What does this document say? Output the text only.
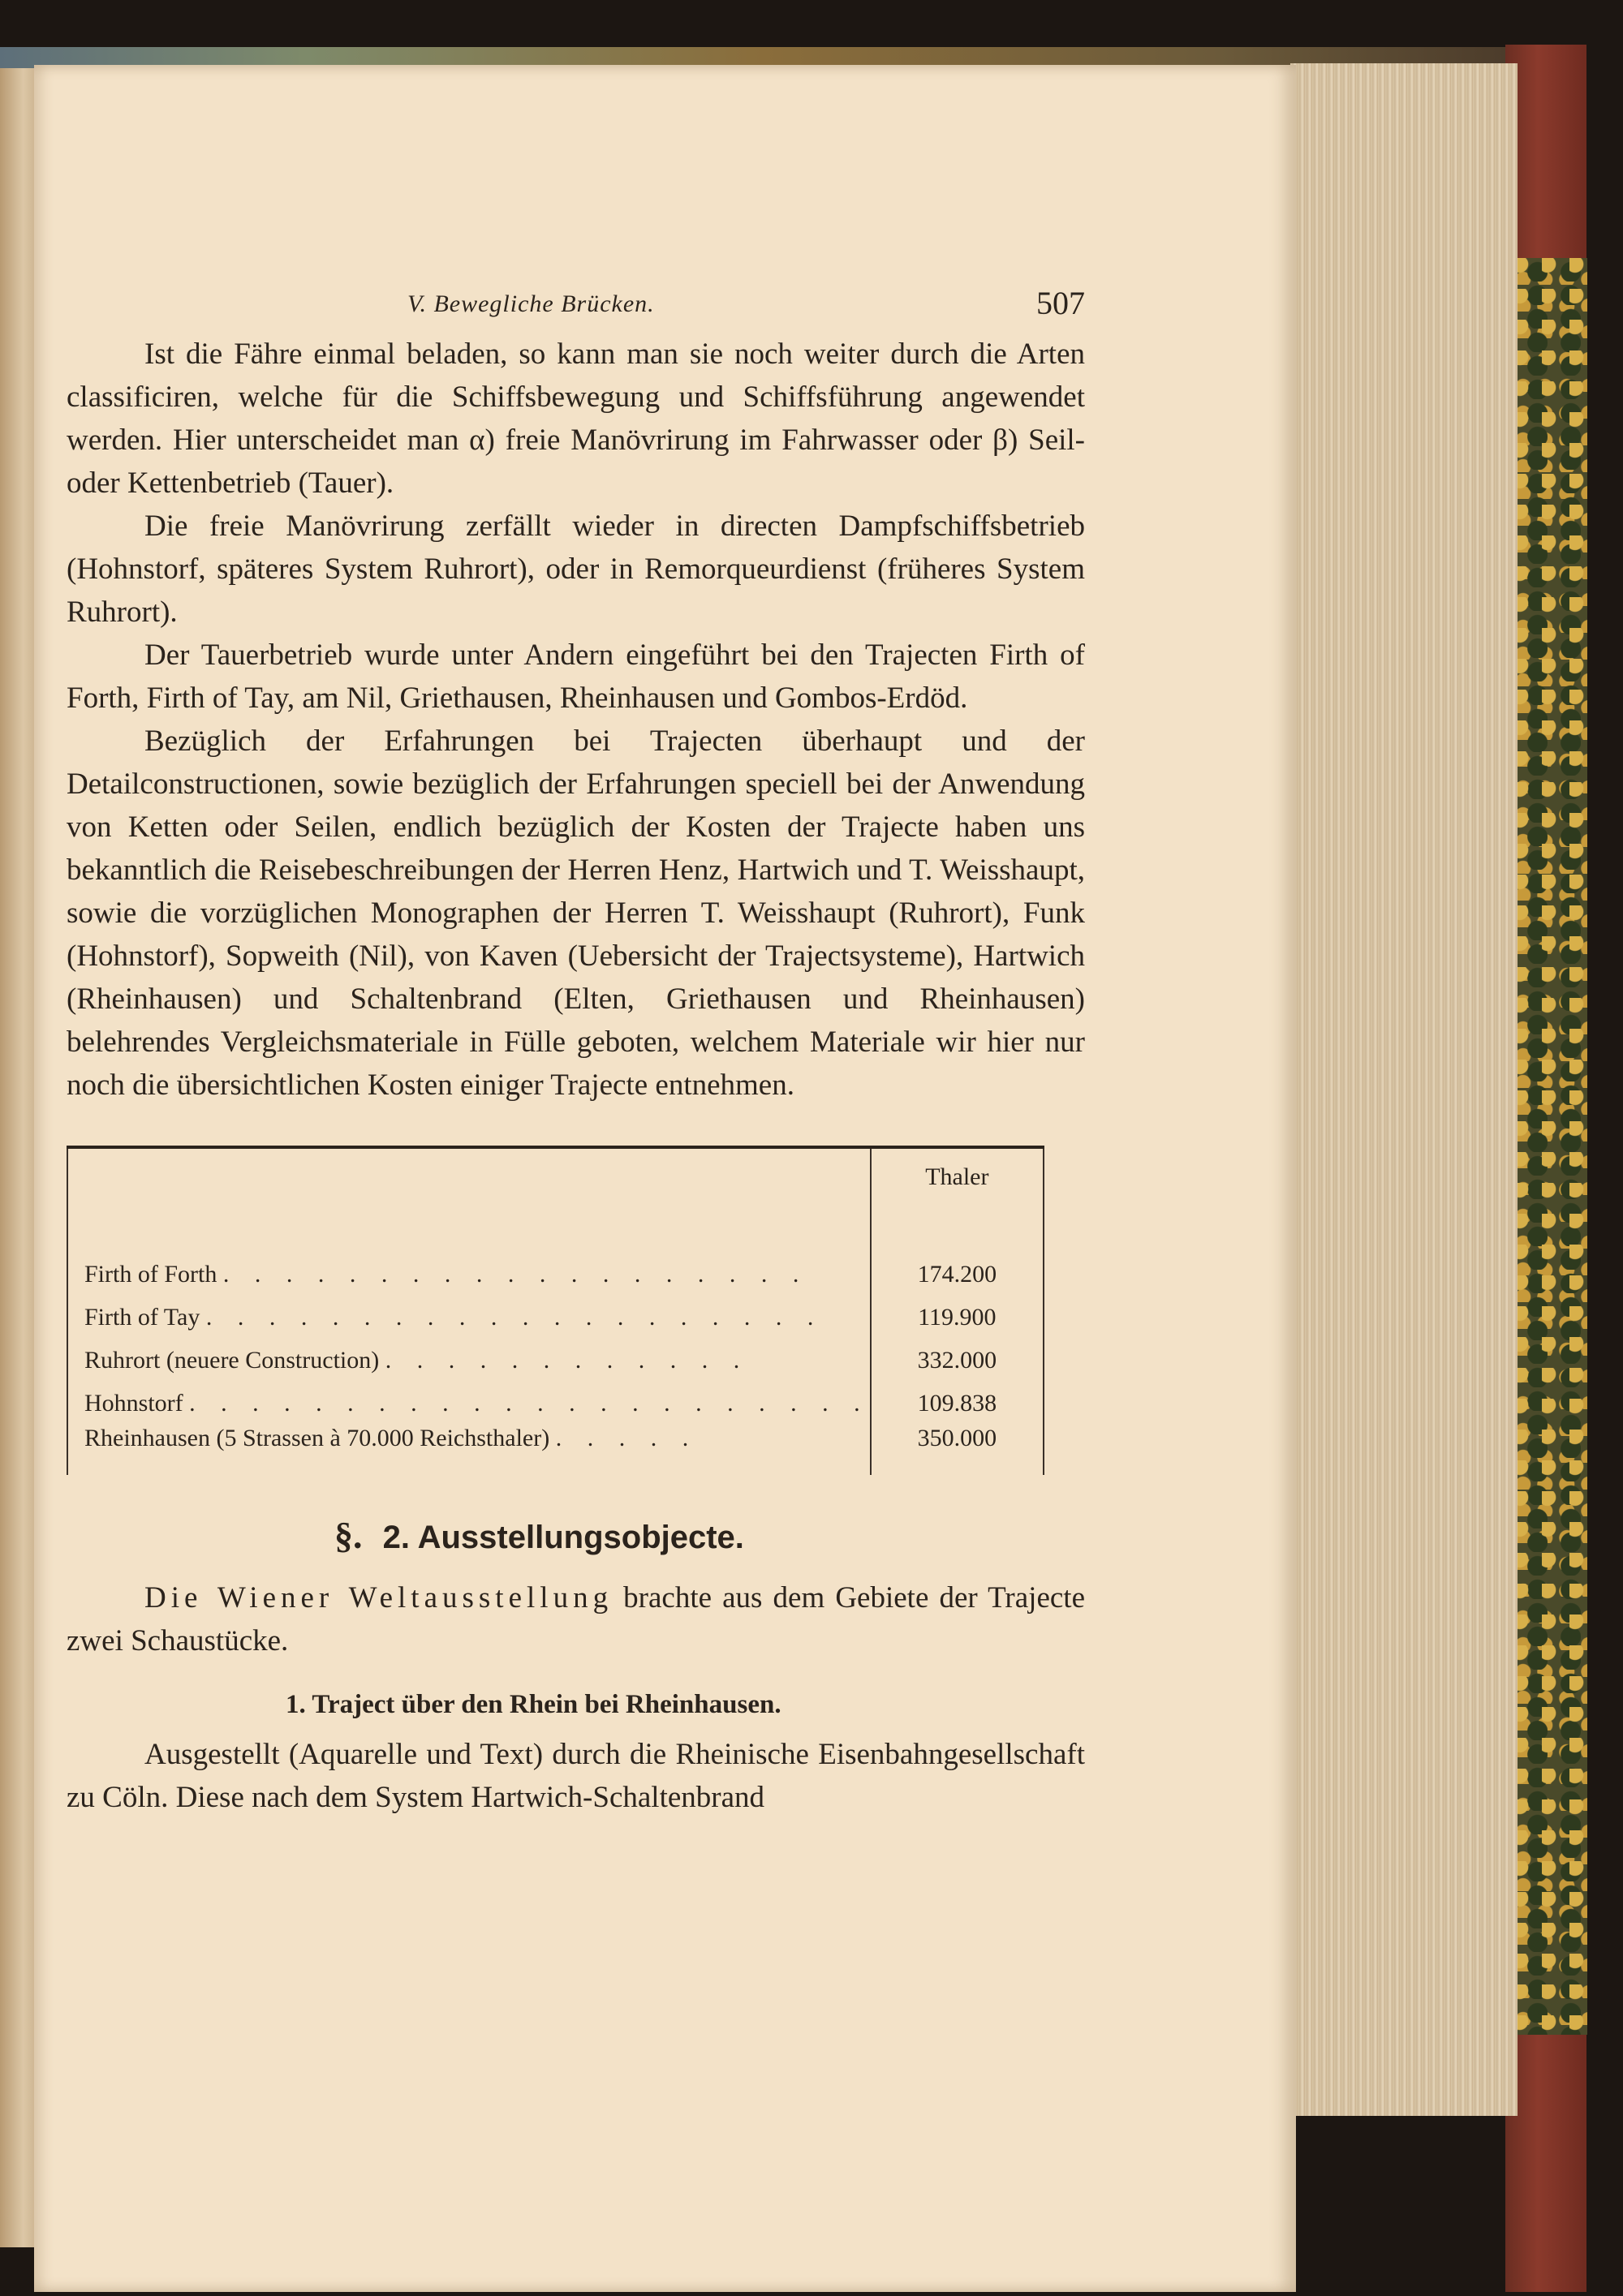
V. Bewegliche Brücken.	507

Ist die Fähre einmal beladen, so kann man sie noch weiter durch die Arten classificiren, welche für die Schiffsbewegung und Schiffsführung angewendet werden. Hier unterscheidet man α) freie Manövrirung im Fahrwasser oder β) Seil- oder Kettenbetrieb (Tauer).

Die freie Manövrirung zerfällt wieder in directen Dampfschiffsbetrieb (Hohnstorf, späteres System Ruhrort), oder in Remorqueurdienst (früheres System Ruhrort).

Der Tauerbetrieb wurde unter Andern eingeführt bei den Trajecten Firth of Forth, Firth of Tay, am Nil, Griethausen, Rheinhausen und Gombos-Erdöd.

Bezüglich der Erfahrungen bei Trajecten überhaupt und der Detailconstructionen, sowie bezüglich der Erfahrungen speciell bei der Anwendung von Ketten oder Seilen, endlich bezüglich der Kosten der Trajecte haben uns bekanntlich die Reisebeschreibungen der Herren Henz, Hartwich und T. Weisshaupt, sowie die vorzüglichen Monographen der Herren T. Weisshaupt (Ruhrort), Funk (Hohnstorf), Sopweith (Nil), von Kaven (Uebersicht der Trajectsysteme), Hartwich (Rheinhausen) und Schaltenbrand (Elten, Griethausen und Rheinhausen) belehrendes Vergleichsmateriale in Fülle geboten, welchem Materiale wir hier nur noch die übersichtlichen Kosten einiger Trajecte entnehmen.

	Thaler
Firth of Forth . . . . . . . . . . . . . . . . . . .	174.200
Firth of Tay . . . . . . . . . . . . . . . . . . . .	119.900
Ruhrort (neuere Construction) . . . . . . . . . . . .	332.000
Hohnstorf . . . . . . . . . . . . . . . . . . . . . .	109.838
Rheinhausen (5 Strassen à 70.000 Reichsthaler) . . . . .	350.000
§. 2. Ausstellungsobjecte.

Die Wiener Weltausstellung brachte aus dem Gebiete der Trajecte zwei Schaustücke.

1. Traject über den Rhein bei Rheinhausen.

Ausgestellt (Aquarelle und Text) durch die Rheinische Eisenbahngesellschaft zu Cöln. Diese nach dem System Hartwich-Schaltenbrand
